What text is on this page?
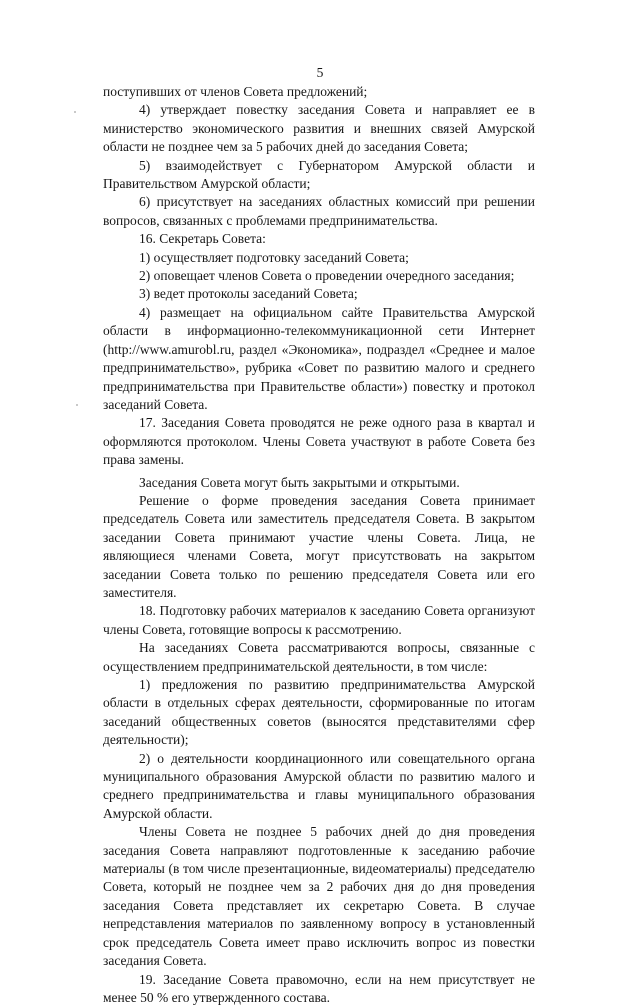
5

поступивших от членов Совета предложений;

4) утверждает повестку заседания Совета и направляет ее в министерство экономического развития и внешних связей Амурской области не позднее чем за 5 рабочих дней до заседания Совета;

5) взаимодействует с Губернатором Амурской области и Правительством Амурской области;

6) присутствует на заседаниях областных комиссий при решении вопросов, связанных с проблемами предпринимательства.

16. Секретарь Совета:

1) осуществляет подготовку заседаний Совета;

2) оповещает членов Совета о проведении очередного заседания;

3) ведет протоколы заседаний Совета;

4) размещает на официальном сайте Правительства Амурской области в информационно-телекоммуникационной сети Интернет (http://www.amurobl.ru, раздел «Экономика», подраздел «Среднее и малое предпринимательство», рубрика «Совет по развитию малого и среднего предпринимательства при Правительстве области») повестку и протокол заседаний Совета.

17. Заседания Совета проводятся не реже одного раза в квартал и оформляются протоколом. Члены Совета участвуют в работе Совета без права замены.

Заседания Совета могут быть закрытыми и открытыми.

Решение о форме проведения заседания Совета принимает председатель Совета или заместитель председателя Совета. В закрытом заседании Совета принимают участие члены Совета. Лица, не являющиеся членами Совета, могут присутствовать на закрытом заседании Совета только по решению председателя Совета или его заместителя.

18. Подготовку рабочих материалов к заседанию Совета организуют члены Совета, готовящие вопросы к рассмотрению.

На заседаниях Совета рассматриваются вопросы, связанные с осуществлением предпринимательской деятельности, в том числе:

1) предложения по развитию предпринимательства Амурской области в отдельных сферах деятельности, сформированные по итогам заседаний общественных советов (выносятся представителями сфер деятельности);

2) о деятельности координационного или совещательного органа муниципального образования Амурской области по развитию малого и среднего предпринимательства и главы муниципального образования Амурской области.

Члены Совета не позднее 5 рабочих дней до дня проведения заседания Совета направляют подготовленные к заседанию рабочие материалы (в том числе презентационные, видеоматериалы) председателю Совета, который не позднее чем за 2 рабочих дня до дня проведения заседания Совета представляет их секретарю Совета. В случае непредставления материалов по заявленному вопросу в установленный срок председатель Совета имеет право исключить вопрос из повестки заседания Совета.

19. Заседание Совета правомочно, если на нем присутствует не менее 50 % его утвержденного состава.
